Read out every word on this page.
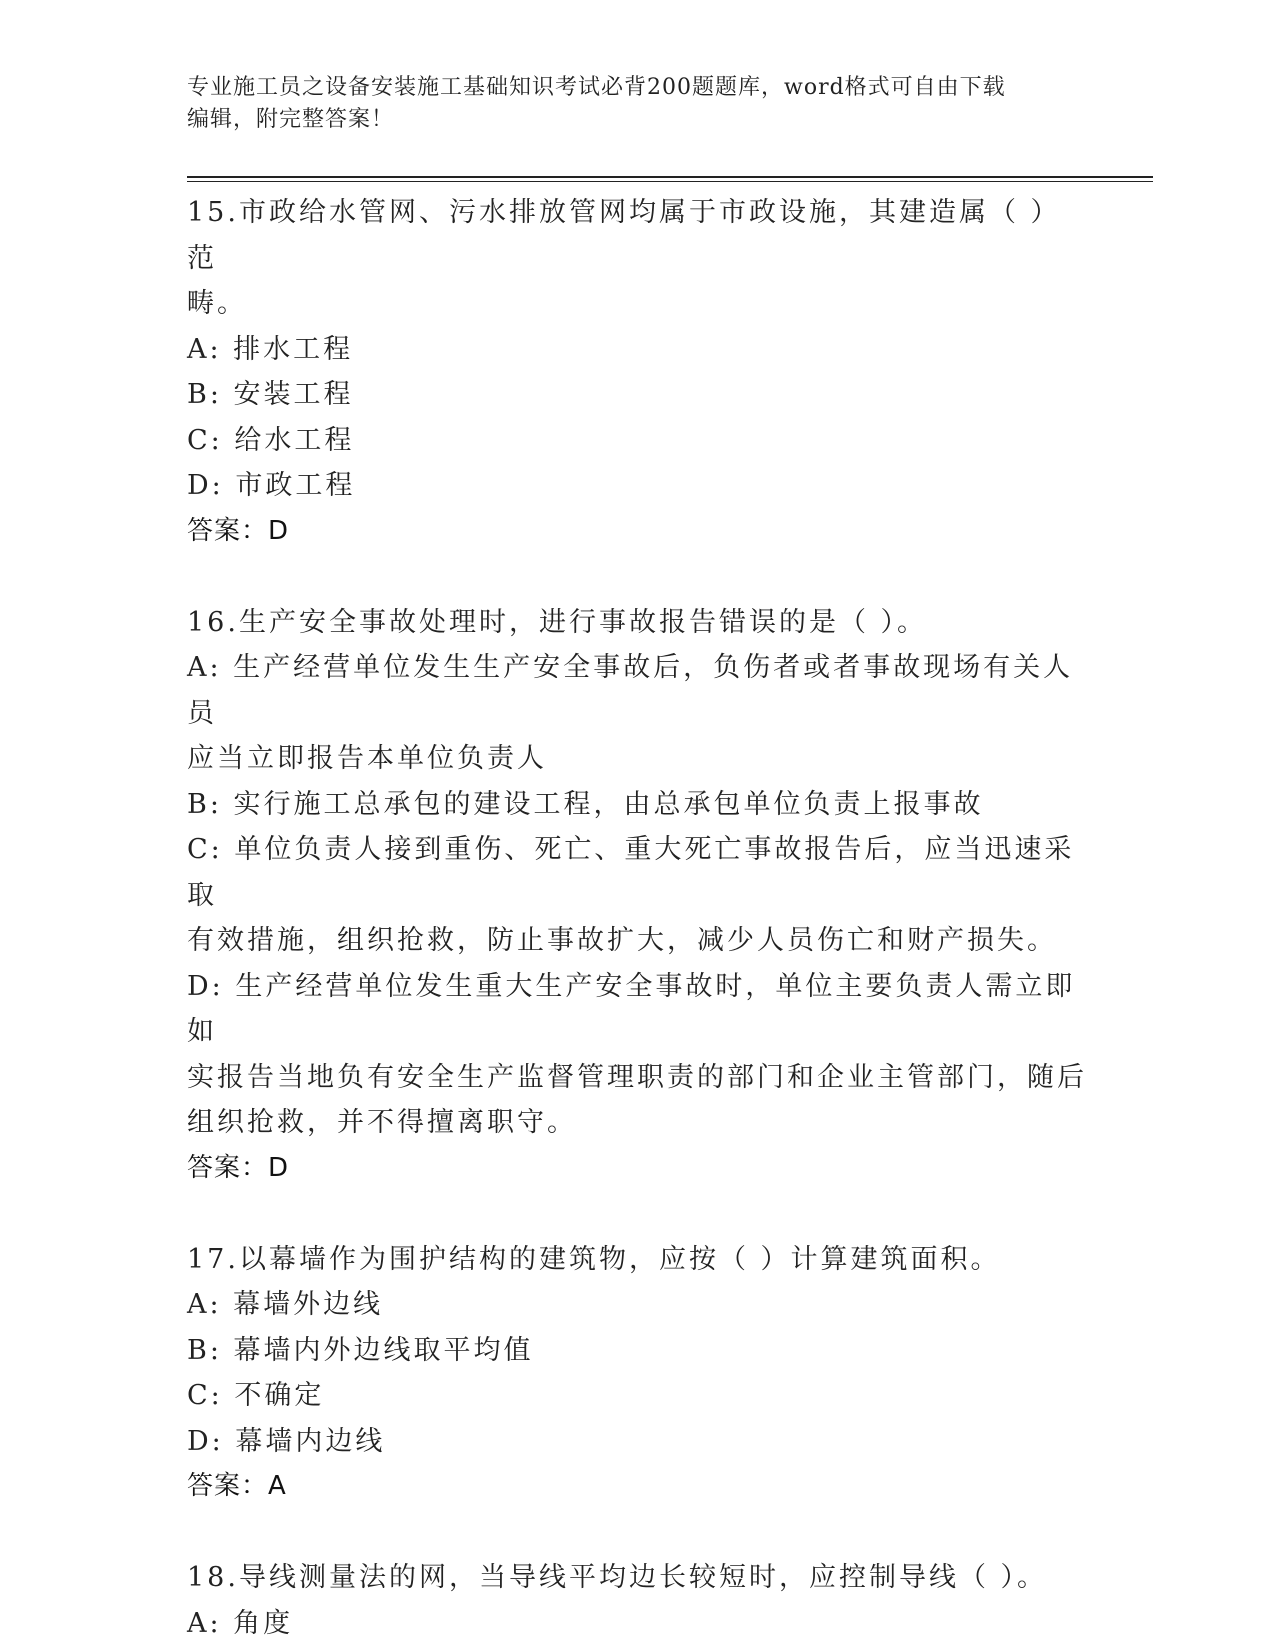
专业施工员之设备安装施工基础知识考试必背200题题库，word格式可自由下载
编辑，附完整答案！
15.市政给水管网、污水排放管网均属于市政设施，其建造属（ ）范
畴。
A: 排水工程
B: 安装工程
C: 给水工程
D: 市政工程
答案：D
16.生产安全事故处理时，进行事故报告错误的是（ ）。
A: 生产经营单位发生生产安全事故后，负伤者或者事故现场有关人员
应当立即报告本单位负责人
B: 实行施工总承包的建设工程，由总承包单位负责上报事故
C: 单位负责人接到重伤、死亡、重大死亡事故报告后，应当迅速采取
有效措施，组织抢救，防止事故扩大，减少人员伤亡和财产损失。
D: 生产经营单位发生重大生产安全事故时，单位主要负责人需立即如
实报告当地负有安全生产监督管理职责的部门和企业主管部门，随后
组织抢救，并不得擅离职守。
答案：D
17.以幕墙作为围护结构的建筑物，应按（ ）计算建筑面积。
A: 幕墙外边线
B: 幕墙内外边线取平均值
C: 不确定
D: 幕墙内边线
答案：A
18.导线测量法的网，当导线平均边长较短时，应控制导线（ ）。
A: 角度
